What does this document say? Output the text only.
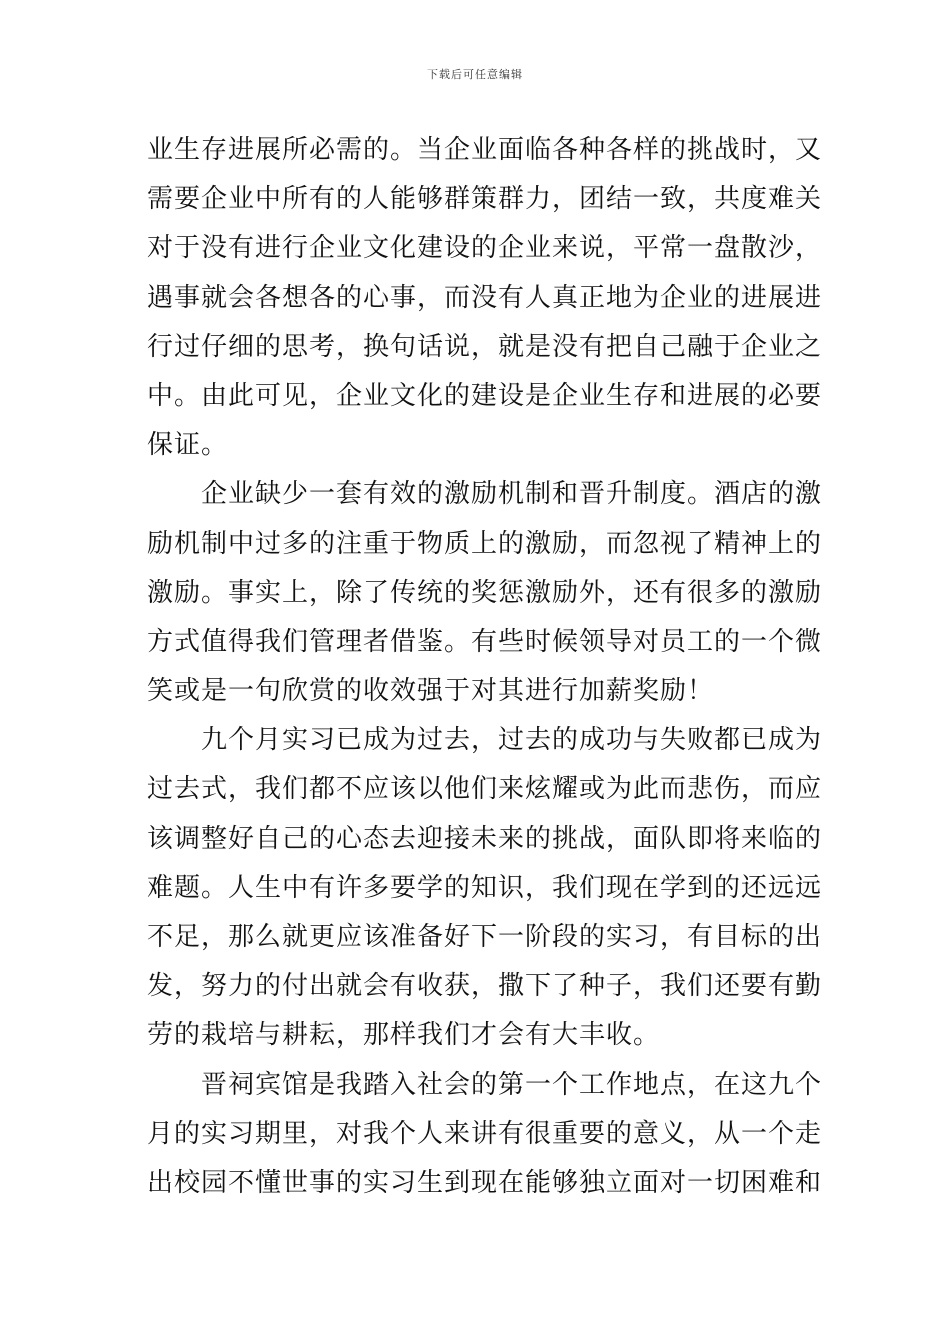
下载后可任意编辑
业生存进展所必需的。当企业面临各种各样的挑战时，又
需要企业中所有的人能够群策群力，团结一致，共度难关
对于没有进行企业文化建设的企业来说，平常一盘散沙，
遇事就会各想各的心事，而没有人真正地为企业的进展进
行过仔细的思考，换句话说，就是没有把自己融于企业之
中。由此可见，企业文化的建设是企业生存和进展的必要
保证。
企业缺少一套有效的激励机制和晋升制度。酒店的激
励机制中过多的注重于物质上的激励，而忽视了精神上的
激励。事实上，除了传统的奖惩激励外，还有很多的激励
方式值得我们管理者借鉴。有些时候领导对员工的一个微
笑或是一句欣赏的收效强于对其进行加薪奖励！
九个月实习已成为过去，过去的成功与失败都已成为
过去式，我们都不应该以他们来炫耀或为此而悲伤，而应
该调整好自己的心态去迎接未来的挑战，面队即将来临的
难题。人生中有许多要学的知识，我们现在学到的还远远
不足，那么就更应该准备好下一阶段的实习，有目标的出
发，努力的付出就会有收获，撒下了种子，我们还要有勤
劳的栽培与耕耘，那样我们才会有大丰收。
晋祠宾馆是我踏入社会的第一个工作地点，在这九个
月的实习期里，对我个人来讲有很重要的意义，从一个走
出校园不懂世事的实习生到现在能够独立面对一切困难和
